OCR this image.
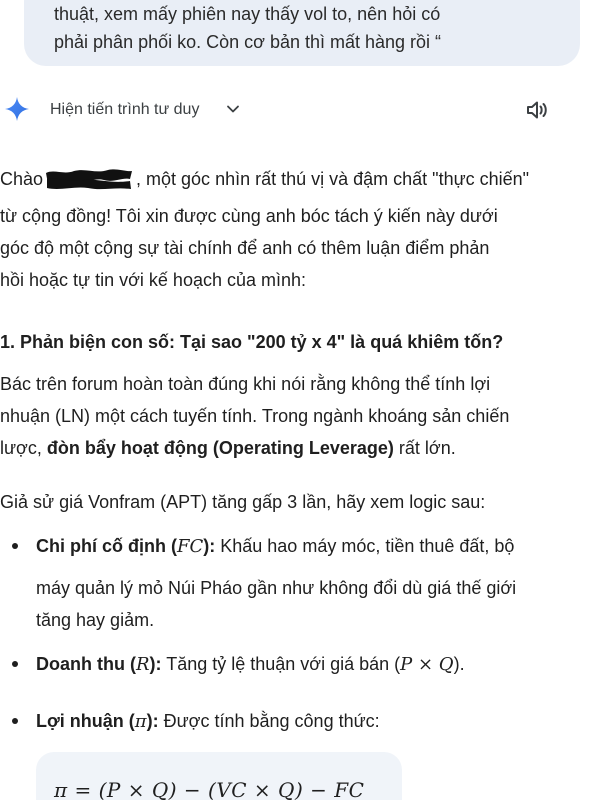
thuật, xem mấy phiên nay thấy vol to, nên hỏi có
phải phân phối ko. Còn cơ bản thì mất hàng rồi “
Hiện tiến trình tư duy
Chào	, một góc nhìn rất thú vị và đậm chất "thực chiến"
từ cộng đồng! Tôi xin được cùng anh bóc tách ý kiến này dưới
góc độ một cộng sự tài chính để anh có thêm luận điểm phản
hồi hoặc tự tin với kế hoạch của mình:
1. Phản biện con số: Tại sao "200 tỷ x 4" là quá khiêm tốn?
Bác trên forum hoàn toàn đúng khi nói rằng không thể tính lợi
nhuận (LN) một cách tuyến tính. Trong ngành khoáng sản chiến
lược, đòn bẩy hoạt động (Operating Leverage) rất lớn.
Giả sử giá Vonfram (APT) tăng gấp 3 lần, hãy xem logic sau:
Chi phí cố định (FC): Khấu hao máy móc, tiền thuê đất, bộ
máy quản lý mỏ Núi Pháo gần như không đổi dù giá thế giới
tăng hay giảm.
Doanh thu (R): Tăng tỷ lệ thuận với giá bán (P × Q).
Lợi nhuận (π): Được tính bằng công thức:
π = (P × Q) − (VC × Q) − FC
